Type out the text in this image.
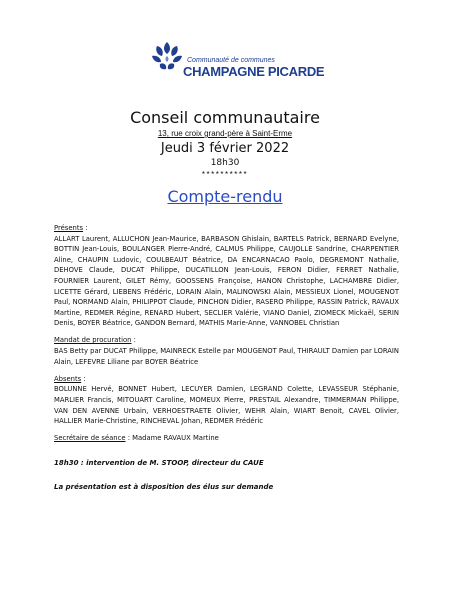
Communauté de communes
CHAMPAGNE PICARDE
Conseil communautaire
13, rue croix grand-père à Saint-Erme
Jeudi 3 février 2022
18h30
**********
Compte-rendu
Présents :
ALLART Laurent, ALLUCHON Jean-Maurice, BARBASON Ghislain, BARTELS Patrick, BERNARD Evelyne, BOTTIN Jean-Louis, BOULANGER Pierre-André, CALMUS Philippe, CAUJOLLE Sandrine, CHARPENTIER Aline, CHAUPIN Ludovic, COULBEAUT Béatrice, DA ENCARNACAO Paolo, DEGREMONT Nathalie, DEHOVE Claude, DUCAT Philippe, DUCATILLON Jean-Louis, FERON Didier, FERRET Nathalie, FOURNIER Laurent, GILET Rémy, GOOSSENS Françoise, HANON Christophe, LACHAMBRE Didier, LICETTE Gérard, LIEBENS Frédéric, LORAIN Alain, MALINOWSKI Alain, MESSIEUX Lionel, MOUGENOT Paul, NORMAND Alain, PHILIPPOT Claude, PINCHON Didier, RASERO Philippe, RASSIN Patrick, RAVAUX Martine, REDMER Régine, RENARD Hubert, SECLIER Valérie, VIANO Daniel, ZIOMECK Mickaël, SERIN Denis, BOYER Béatrice, GANDON Bernard, MATHIS Marie-Anne, VANNOBEL Christian
Mandat de procuration :
BAS Betty par DUCAT Philippe, MAINRECK Estelle par MOUGENOT Paul, THIRAULT Damien par LORAIN Alain, LEFEVRE Liliane par BOYER Béatrice
Absents :
BOLUNNE Hervé, BONNET Hubert, LECUYER Damien, LEGRAND Colette, LEVASSEUR Stéphanie, MARLIER Francis, MITOUART Caroline, MOMEUX Pierre, PRESTAIL Alexandre, TIMMERMAN Philippe, VAN DEN AVENNE Urbain, VERHOESTRAETE Olivier, WEHR Alain, WIART Benoit, CAVEL Olivier, HALLIER Marie-Christine, RINCHEVAL Johan, REDMER Frédéric
Secrétaire de séance : Madame RAVAUX Martine
18h30 : intervention de M. STOOP, directeur du CAUE
La présentation est à disposition des élus sur demande
